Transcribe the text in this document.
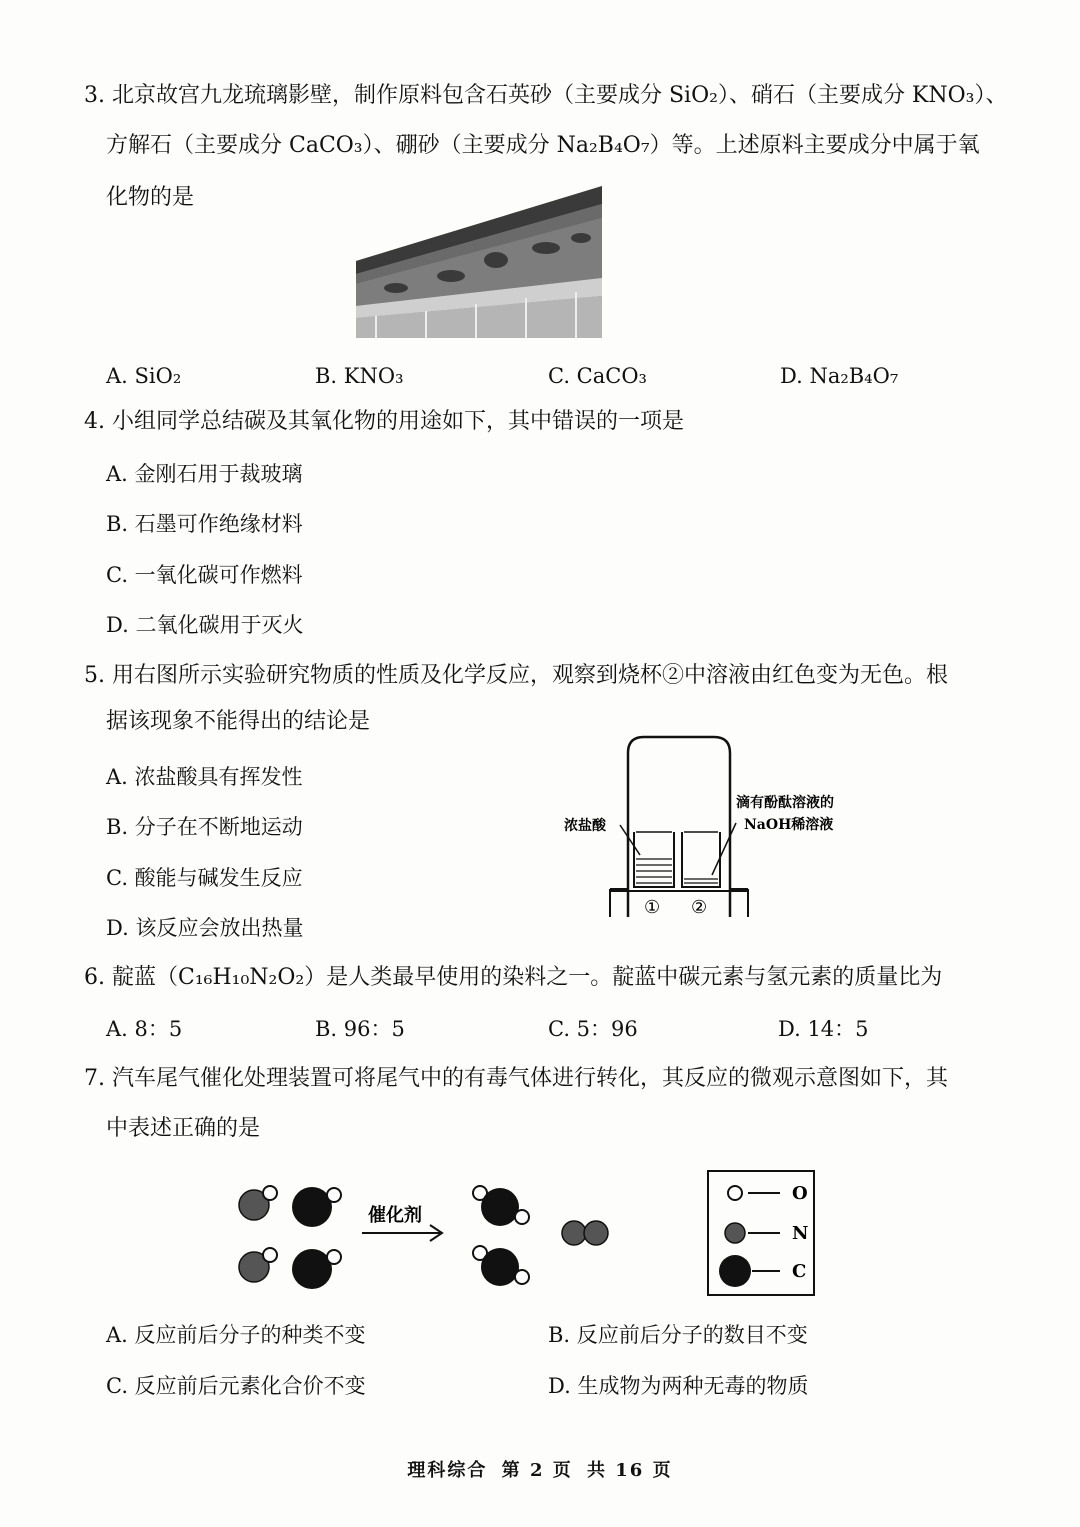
3. 北京故宫九龙琉璃影壁，制作原料包含石英砂（主要成分 SiO₂）、硝石（主要成分 KNO₃）、
方解石（主要成分 CaCO₃）、硼砂（主要成分 Na₂B₄O₇）等。上述原料主要成分中属于氧
化物的是
A. SiO₂	B. KNO₃	C. CaCO₃	D. Na₂B₄O₇
4. 小组同学总结碳及其氧化物的用途如下，其中错误的一项是
A. 金刚石用于裁玻璃
B. 石墨可作绝缘材料
C. 一氧化碳可作燃料
D. 二氧化碳用于灭火
5. 用右图所示实验研究物质的性质及化学反应，观察到烧杯②中溶液由红色变为无色。根
据该现象不能得出的结论是
A. 浓盐酸具有挥发性
B. 分子在不断地运动
C. 酸能与碱发生反应
D. 该反应会放出热量
浓盐酸
滴有酚酞溶液的
NaOH稀溶液
① ②
6. 靛蓝（C₁₆H₁₀N₂O₂）是人类最早使用的染料之一。靛蓝中碳元素与氢元素的质量比为
A. 8：5	B. 96：5	C. 5：96	D. 14：5
7. 汽车尾气催化处理装置可将尾气中的有毒气体进行转化，其反应的微观示意图如下，其
中表述正确的是
催化剂
O
N
C
A. 反应前后分子的种类不变	B. 反应前后分子的数目不变
C. 反应前后元素化合价不变	D. 生成物为两种无毒的物质
理科综合 第 2 页 共 16 页
